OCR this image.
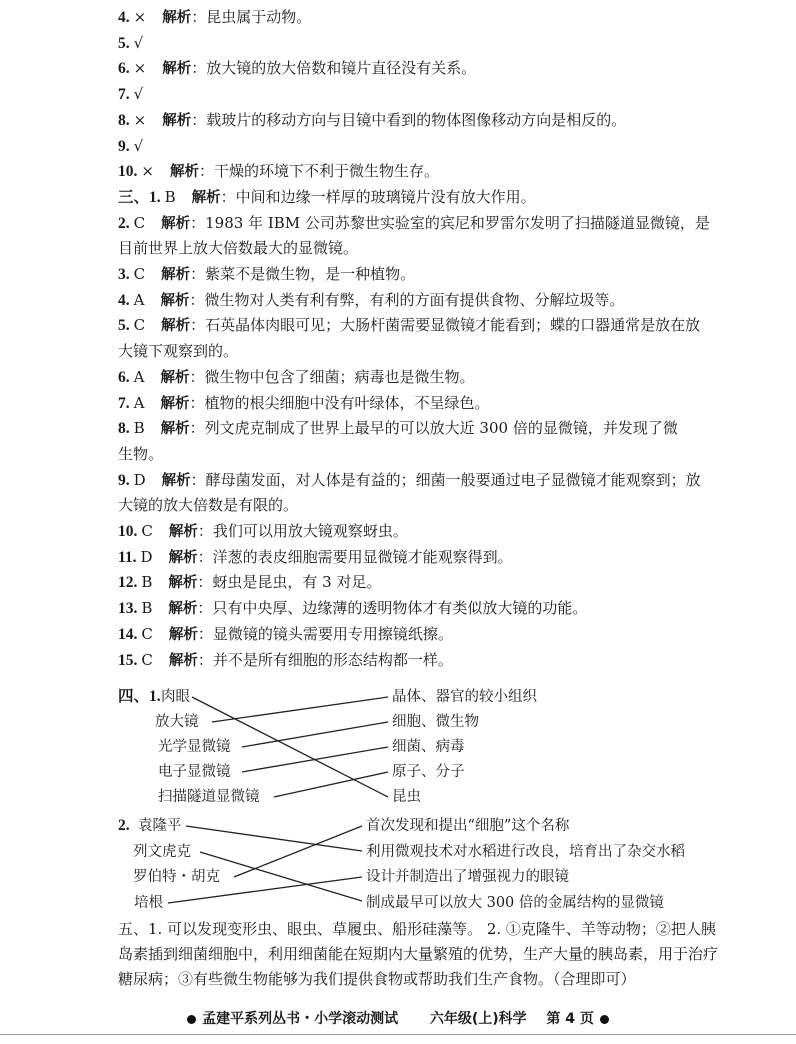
4. × 解析：昆虫属于动物。
5. √
6. × 解析：放大镜的放大倍数和镜片直径没有关系。
7. √
8. × 解析：载玻片的移动方向与目镜中看到的物体图像移动方向是相反的。
9. √
10. × 解析：干燥的环境下不利于微生物生存。
三、1. B 解析：中间和边缘一样厚的玻璃镜片没有放大作用。
2. C 解析：1983 年 IBM 公司苏黎世实验室的宾尼和罗雷尔发明了扫描隧道显微镜，是
目前世界上放大倍数最大的显微镜。
3. C 解析：紫菜不是微生物，是一种植物。
4. A 解析：微生物对人类有利有弊，有利的方面有提供食物、分解垃圾等。
5. C 解析：石英晶体肉眼可见；大肠杆菌需要显微镜才能看到；蝶的口器通常是放在放
大镜下观察到的。
6. A 解析：微生物中包含了细菌；病毒也是微生物。
7. A 解析：植物的根尖细胞中没有叶绿体，不呈绿色。
8. B 解析：列文虎克制成了世界上最早的可以放大近 300 倍的显微镜，并发现了微
生物。
9. D 解析：酵母菌发面，对人体是有益的；细菌一般要通过电子显微镜才能观察到；放
大镜的放大倍数是有限的。
10. C 解析：我们可以用放大镜观察蚜虫。
11. D 解析：洋葱的表皮细胞需要用显微镜才能观察得到。
12. B 解析：蚜虫是昆虫，有 3 对足。
13. B 解析：只有中央厚、边缘薄的透明物体才有类似放大镜的功能。
14. C 解析：显微镜的镜头需要用专用擦镜纸擦。
15. C 解析：并不是所有细胞的形态结构都一样。
四、1. 肉眼
放大镜
光学显微镜
电子显微镜
扫描隧道显微镜
晶体、器官的较小组织
细胞、微生物
细菌、病毒
原子、分子
昆虫
2. 袁隆平
列文虎克
罗伯特・胡克
培根
首次发现和提出“细胞”这个名称
利用微观技术对水稻进行改良，培育出了杂交水稻
设计并制造出了增强视力的眼镜
制成最早可以放大 300 倍的金属结构的显微镜
五、1. 可以发现变形虫、眼虫、草履虫、船形硅藻等。 2. ①克隆牛、羊等动物；②把人胰
岛素插到细菌细胞中，利用细菌能在短期内大量繁殖的优势，生产大量的胰岛素，用于治疗
糖尿病；③有些微生物能够为我们提供食物或帮助我们生产食物。（合理即可）
孟建平系列丛书・小学滚动测试 六年级(上)科学 第 4 页
